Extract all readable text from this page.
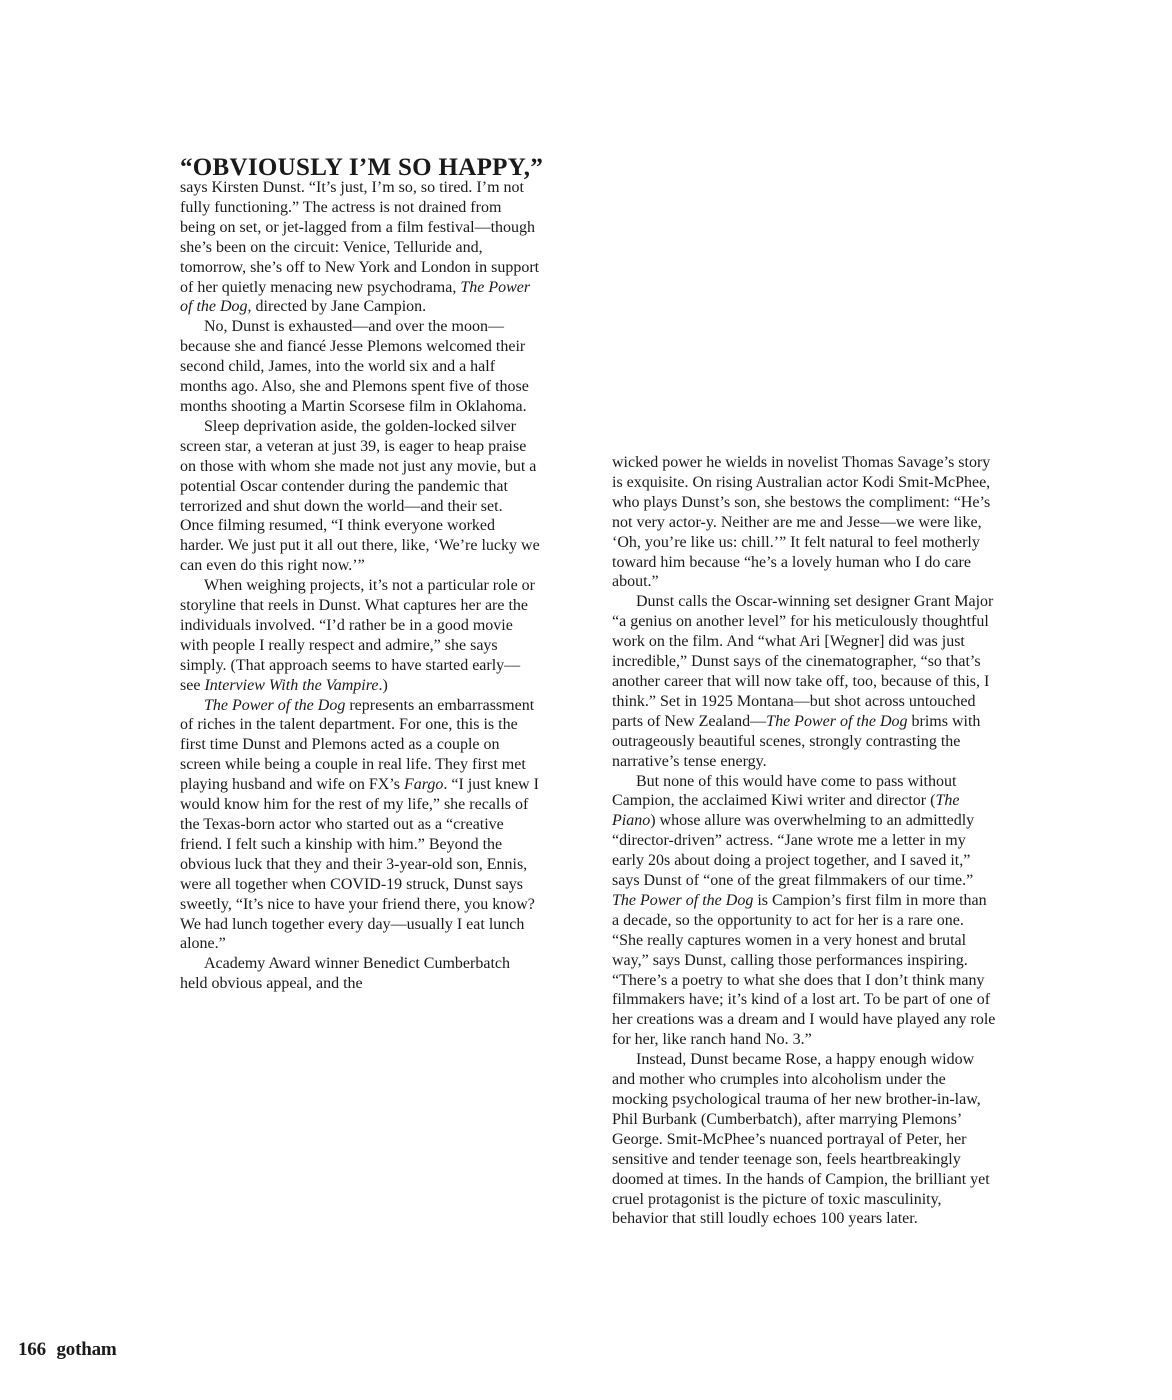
“OBVIOUSLY I’M SO HAPPY,”

says Kirsten Dunst. “It’s just, I’m so, so tired. I’m not fully functioning.” The actress is not drained from being on set, or jet-lagged from a film festival—though she’s been on the circuit: Venice, Telluride and, tomorrow, she’s off to New York and London in support of her quietly menacing new psychodrama, The Power of the Dog, directed by Jane Campion.

No, Dunst is exhausted—and over the moon—because she and fiancé Jesse Plemons welcomed their second child, James, into the world six and a half months ago. Also, she and Plemons spent five of those months shooting a Martin Scorsese film in Oklahoma.

Sleep deprivation aside, the golden-locked silver screen star, a veteran at just 39, is eager to heap praise on those with whom she made not just any movie, but a potential Oscar contender during the pandemic that terrorized and shut down the world—and their set. Once filming resumed, “I think everyone worked harder. We just put it all out there, like, ‘We’re lucky we can even do this right now.’”

When weighing projects, it’s not a particular role or storyline that reels in Dunst. What captures her are the individuals involved. “I’d rather be in a good movie with people I really respect and admire,” she says simply. (That approach seems to have started early—see Interview With the Vampire.)

The Power of the Dog represents an embarrassment of riches in the talent department. For one, this is the first time Dunst and Plemons acted as a couple on screen while being a couple in real life. They first met playing husband and wife on FX’s Fargo. “I just knew I would know him for the rest of my life,” she recalls of the Texas-born actor who started out as a “creative friend. I felt such a kinship with him.” Beyond the obvious luck that they and their 3-year-old son, Ennis, were all together when COVID-19 struck, Dunst says sweetly, “It’s nice to have your friend there, you know? We had lunch together every day—usually I eat lunch alone.”

Academy Award winner Benedict Cumberbatch held obvious appeal, and the

wicked power he wields in novelist Thomas Savage’s story is exquisite. On rising Australian actor Kodi Smit-McPhee, who plays Dunst’s son, she bestows the compliment: “He’s not very actor-y. Neither are me and Jesse—we were like, ‘Oh, you’re like us: chill.’” It felt natural to feel motherly toward him because “he’s a lovely human who I do care about.”

Dunst calls the Oscar-winning set designer Grant Major “a genius on another level” for his meticulously thoughtful work on the film. And “what Ari [Wegner] did was just incredible,” Dunst says of the cinematographer, “so that’s another career that will now take off, too, because of this, I think.” Set in 1925 Montana—but shot across untouched parts of New Zealand—The Power of the Dog brims with outrageously beautiful scenes, strongly contrasting the narrative’s tense energy.

But none of this would have come to pass without Campion, the acclaimed Kiwi writer and director (The Piano) whose allure was overwhelming to an admittedly “director-driven” actress. “Jane wrote me a letter in my early 20s about doing a project together, and I saved it,” says Dunst of “one of the great filmmakers of our time.” The Power of the Dog is Campion’s first film in more than a decade, so the opportunity to act for her is a rare one. “She really captures women in a very honest and brutal way,” says Dunst, calling those performances inspiring. “There’s a poetry to what she does that I don’t think many filmmakers have; it’s kind of a lost art. To be part of one of her creations was a dream and I would have played any role for her, like ranch hand No. 3.”

Instead, Dunst became Rose, a happy enough widow and mother who crumples into alcoholism under the mocking psychological trauma of her new brother-in-law, Phil Burbank (Cumberbatch), after marrying Plemons’ George. Smit-McPhee’s nuanced portrayal of Peter, her sensitive and tender teenage son, feels heartbreakingly doomed at times. In the hands of Campion, the brilliant yet cruel protagonist is the picture of toxic masculinity, behavior that still loudly echoes 100 years later.

166 gotham
